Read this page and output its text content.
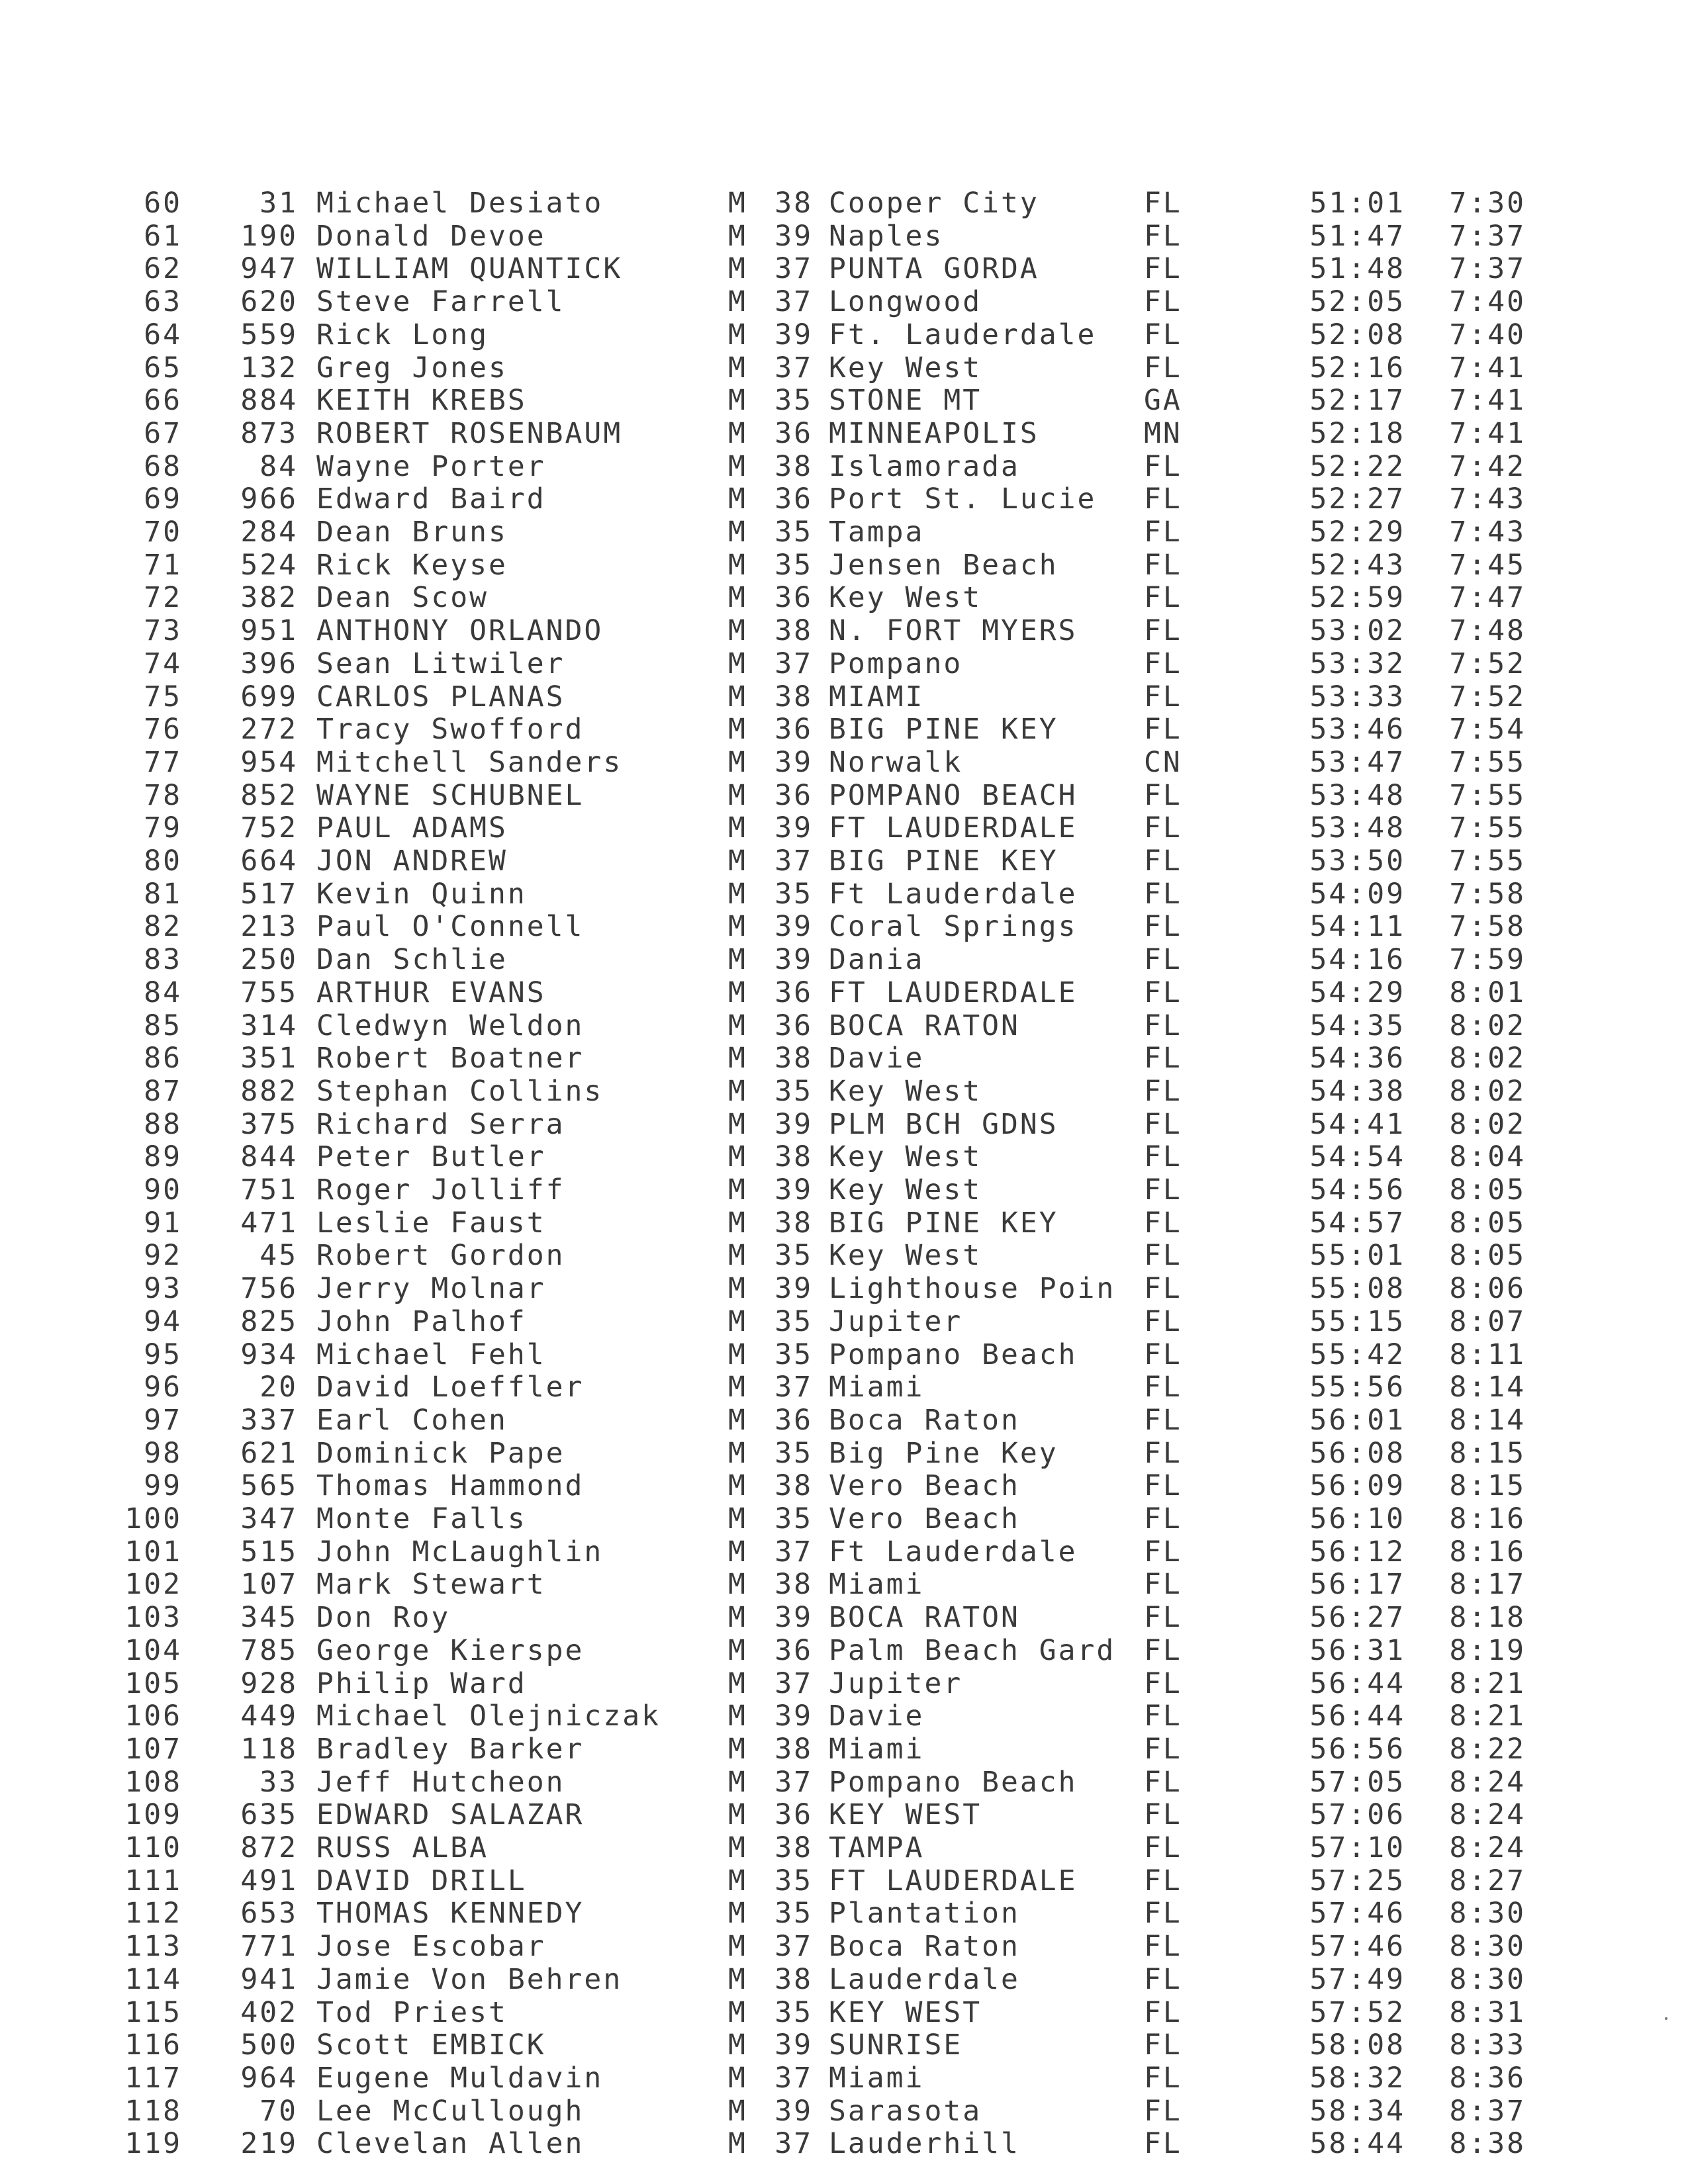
60	31 Michael Desiato	M 38 Cooper City	FL	51:01	7:30
61	190 Donald Devoe	M 39 Naples	FL	51:47	7:37
62	947 WILLIAM QUANTICK	M 37 PUNTA GORDA	FL	51:48	7:37
63	620 Steve Farrell	M 37 Longwood	FL	52:05	7:40
64	559 Rick Long	M 39 Ft. Lauderdale FL	52:08	7:40
65	132 Greg Jones	M 37 Key West	FL	52:16	7:41
66	884 KEITH KREBS	M 35 STONE MT	GA	52:17	7:41
67	873 ROBERT ROSENBAUM	M 36 MINNEAPOLIS	MN	52:18	7:41
68	84 Wayne Porter	M 38 Islamorada	FL	52:22	7:42
69	966 Edward Baird	M 36 Port St. Lucie FL	52:27	7:43
70	284 Dean Bruns	M 35 Tampa	FL	52:29	7:43
71	524 Rick Keyse	M 35 Jensen Beach	FL	52:43	7:45
72	382 Dean Scow	M 36 Key West	FL	52:59	7:47
73	951 ANTHONY ORLANDO	M 38 N. FORT MYERS FL	53:02	7:48
74	396 Sean Litwiler	M 37 Pompano	FL	53:32	7:52
75	699 CARLOS PLANAS	M 38 MIAMI	FL	53:33	7:52
76	272 Tracy Swofford	M 36 BIG PINE KEY	FL	53:46	7:54
77	954 Mitchell Sanders	M 39 Norwalk	CN	53:47	7:55
78	852 WAYNE SCHUBNEL	M 36 POMPANO BEACH FL	53:48	7:55
79	752 PAUL ADAMS	M 39 FT LAUDERDALE FL	53:48	7:55
80	664 JON ANDREW	M 37 BIG PINE KEY	FL	53:50	7:55
81	517 Kevin Quinn	M 35 Ft Lauderdale FL	54:09	7:58
82	213 Paul O'Connell	M 39 Coral Springs FL	54:11	7:58
83	250 Dan Schlie	M 39 Dania	FL	54:16	7:59
84	755 ARTHUR EVANS	M 36 FT LAUDERDALE FL	54:29	8:01
85	314 Cledwyn Weldon	M 36 BOCA RATON	FL	54:35	8:02
86	351 Robert Boatner	M 38 Davie	FL	54:36	8:02
87	882 Stephan Collins	M 35 Key West	FL	54:38	8:02
88	375 Richard Serra	M 39 PLM BCH GDNS	FL	54:41	8:02
89	844 Peter Butler	M 38 Key West	FL	54:54	8:04
90	751 Roger Jolliff	M 39 Key West	FL	54:56	8:05
91	471 Leslie Faust	M 38 BIG PINE KEY	FL	54:57	8:05
92	45 Robert Gordon	M 35 Key West	FL	55:01	8:05
93	756 Jerry Molnar	M 39 Lighthouse Poin FL	55:08	8:06
94	825 John Palhof	M 35 Jupiter	FL	55:15	8:07
95	934 Michael Fehl	M 35 Pompano Beach FL	55:42	8:11
96	20 David Loeffler	M 37 Miami	FL	55:56	8:14
97	337 Earl Cohen	M 36 Boca Raton	FL	56:01	8:14
98	621 Dominick Pape	M 35 Big Pine Key	FL	56:08	8:15
99	565 Thomas Hammond	M 38 Vero Beach	FL	56:09	8:15
100	347 Monte Falls	M 35 Vero Beach	FL	56:10	8:16
101	515 John McLaughlin	M 37 Ft Lauderdale FL	56:12	8:16
102	107 Mark Stewart	M 38 Miami	FL	56:17	8:17
103	345 Don Roy	M 39 BOCA RATON	FL	56:27	8:18
104	785 George Kierspe	M 36 Palm Beach Gard FL	56:31	8:19
105	928 Philip Ward	M 37 Jupiter	FL	56:44	8:21
106	449 Michael Olejniczak M 39 Davie	FL	56:44	8:21
107	118 Bradley Barker	M 38 Miami	FL	56:56	8:22
108	33 Jeff Hutcheon	M 37 Pompano Beach FL	57:05	8:24
109	635 EDWARD SALAZAR	M 36 KEY WEST	FL	57:06	8:24
110	872 RUSS ALBA	M 38 TAMPA	FL	57:10	8:24
111	491 DAVID DRILL	M 35 FT LAUDERDALE FL	57:25	8:27
112	653 THOMAS KENNEDY	M 35 Plantation	FL	57:46	8:30
113	771 Jose Escobar	M 37 Boca Raton	FL	57:46	8:30
114	941 Jamie Von Behren	M 38 Lauderdale	FL	57:49	8:30
115	402 Tod Priest	M 35 KEY WEST	FL	57:52	8:31
116	500 Scott EMBICK	M 39 SUNRISE	FL	58:08	8:33
117	964 Eugene Muldavin	M 37 Miami	FL	58:32	8:36
118	70 Lee McCullough	M 39 Sarasota	FL	58:34	8:37
119	219 Clevelan Allen	M 37 Lauderhill	FL	58:44	8:38
